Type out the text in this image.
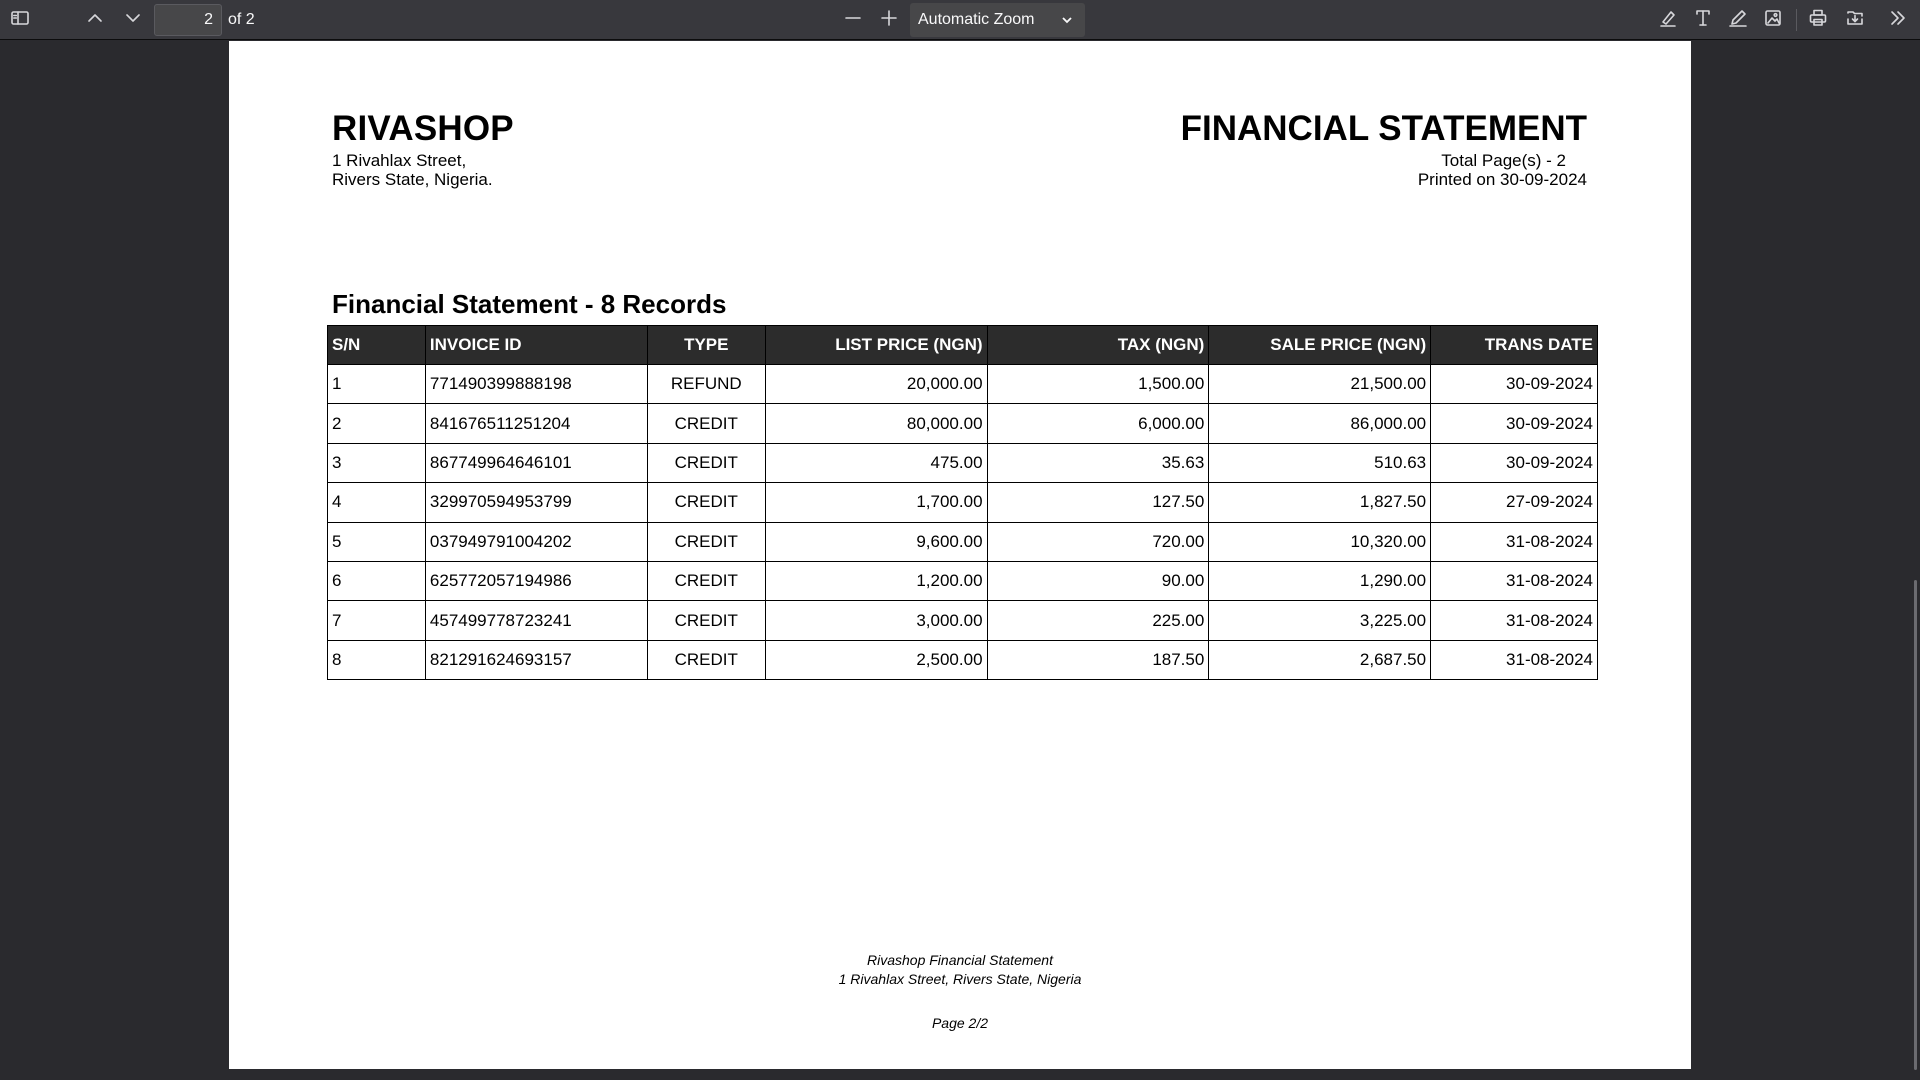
2
of 2	Automatic Zoom
RIVASHOP
1 Rivahlax Street,
Rivers State, Nigeria.
FINANCIAL STATEMENT
Total Page(s) - 2
Printed on 30-09-2024
Financial Statement - 8 Records
S/N	INVOICE ID	TYPE	LIST PRICE (NGN)	TAX (NGN)	SALE PRICE (NGN)	TRANS DATE
1	771490399888198	REFUND	20,000.00	1,500.00	21,500.00	30-09-2024
2	841676511251204	CREDIT	80,000.00	6,000.00	86,000.00	30-09-2024
3	867749964646101	CREDIT	475.00	35.63	510.63	30-09-2024
4	329970594953799	CREDIT	1,700.00	127.50	1,827.50	27-09-2024
5	037949791004202	CREDIT	9,600.00	720.00	10,320.00	31-08-2024
6	625772057194986	CREDIT	1,200.00	90.00	1,290.00	31-08-2024
7	457499778723241	CREDIT	3,000.00	225.00	3,225.00	31-08-2024
8	821291624693157	CREDIT	2,500.00	187.50	2,687.50	31-08-2024
Rivashop Financial Statement
1 Rivahlax Street, Rivers State, Nigeria
Page 2/2
